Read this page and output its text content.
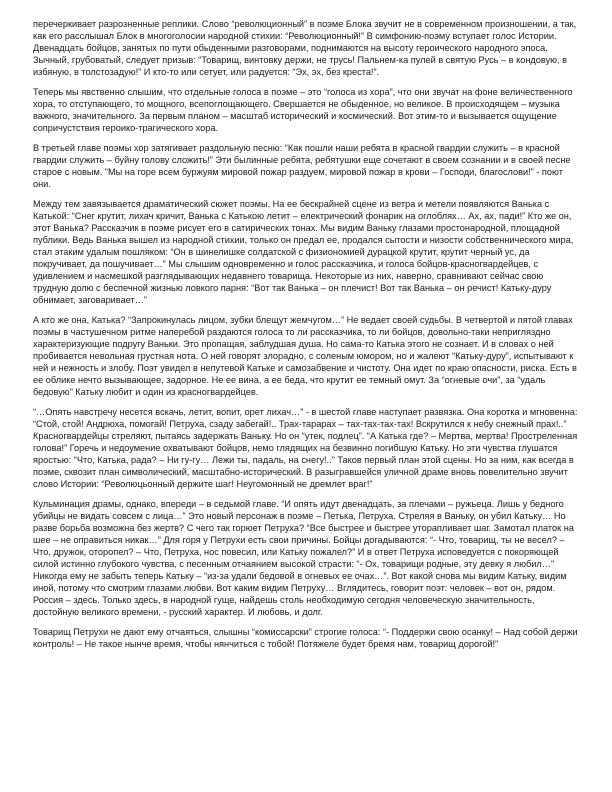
перечеркивает разрозненные реплики. Слово “революционный” в поэме Блока звучит не в современном произношении, а так, как его расслышал Блок в многоголосии народной стихии: “Революционный!” В симфонию-поэму вступает голос Истории. Двенадцать бойцов, занятых по пути обыденными разговорами, поднимаются на высоту героического народного эпоса. Зычный, грубоватый, следует призыв: “Товарищ, винтовку держи, не трусь! Пальнем-ка пулей в святую Русь – в кондовую, в избяную, в толстозадую!” И кто-то или сетует, или радуется: “Эх, эх, без креста!”.

Теперь мы явственно слышим, что отдельные голоса в поэме – это “голоса из хора”, что они звучат на фоне величественного хора, то отступающего, то мощного, всепоглощающего. Свершается не обыденное, но великое. В происходящем – музыка важного, значительного. За первым планом – масштаб исторический и космический. Вот этим-то и вызывается ощущение сопричустствия героико-трагического хора.

В третьей главе поэмы хор затягивает раздольную песню: “Как пошли наши ребята в красной гвардии служить – в красной гвардии служить – буйну голову сложить!” Эти былинные ребята, ребятушки еще сочетают в своем сознании и в своей песне старое с новым. “Мы на горе всем буржуям мировой пожар раздуем, мировой пожар в крови – Господи, благослови!” - поют они.

Между тем завязывается драматический сюжет поэмы. На ее бескрайней сцене из ветра и метели появляются Ванька с Катькой: “Снег крутит, лихач кричит, Ванька с Катькою летит – електрический фонарик на оглоблях… Ах, ах, пади!” Кто же он, этот Ванька? Рассказчик в поэме рисует его в сатирических тонах. Мы видим Ваньку глазами простонародной, площадной публики. Ведь Ванька вышел из народной стихии, только он предал ее, продался сытости и низости собственнического мира, стал этаким удалым пошляком: “Он в шинелишке солдатской с физиономией дурацкой крутит, крутит черный ус, да покручивает, да пошучивает…” Мы слышим одновременно и голос рассказчика, и голоса бойцов-красногвардейцев, с удивлением и насмешкой разглядывающих недавнего товарища. Некоторые из них, наверно, сравнивают сейчас свою трудную долю с беспечной жизнью ловкого парня: “Вот так Ванька – он плечист! Вот так Ванька – он речист! Катьку-дуру обнимает, заговаривает…”

А кто же она, Катька? “Запрокинулась лицом, зубки блещут жемчугом…” Не ведает своей судьбы. В четвертой и пятой главах поэмы в частушечном ритме наперебой раздаются голоса то ли рассказчика, то ли бойцов, довольно-таки непригляздно характеризующие подругу Ваньки. Это пропащая, заблудшая душа. Но сама-то Катька этого не сознает. И в словах о ней пробивается невольная грустная нота. О ней говорят злорадно, с соленым юмором, но и жалеют “Катьку-дуру”, испытывают к ней и нежность и злобу. Поэт увидел в непутевой Катьке и самозабвение и чистоту. Она идет по краю опасности, риска. Есть в ее облике нечто вызывающее, задорное. Не ее вина, а ее беда, что крутит ее темный омут. За “огневые очи”, за “удаль бедовую” Катьку любит и один из красногвардейцев.

“…Опять навстречу несется вскачь, летит, вопит, орет лихач…” - в шестой главе наступает развязка. Она коротка и мгновенна: “Стой, стой! Андрюха, помогай! Петруха, сзаду забегай!.. Трах-тарарах – тах-тах-тах-тах! Вскрутился к небу снежный прах!..” Красногвардейцы стреляют, пытаясь задержать Ваньку. Но он “утек, подлец”. “А Катька где? – Мертва, мертва! Простреленная голова!” Горечь и недоумение охватывают бойцов, немо глядящих на безвинно погибшую Катьку. Но эти чувства глушатся яростью: “Что, Катька, рада? – Ни гу-гу… Лежи ты, падаль, на снегу!..” Таков первый план этой сцены. Но за ним, как всегда в поэме, сквозит план символический, масштабно-исторический. В разыгравшейся уличной драме вновь повелительно звучит слово Истории: “Революцьонный держите шаг! Неугомонный не дремлет враг!”

Кульминация драмы, однако, впереди – в седьмой главе. “И опять идут двенадцать, за плечами – ружьеца. Лишь у бедного убийцы не видать совсем с лица…” Это новый персонаж в поэме – Петька, Петруха. Стреляя в Ваньку, он убил Катьку… Но разве борьба возможна без жертв? С чего так горюет Петруха? “Все быстрее и быстрее уторапливает шаг. Замотал платок на шее – не оправиться никак…” Для горя у Петрухи есть свои причины. Бойцы догадываются: “- Что, товарищ, ты не весел? – Что, дружок, оторопел? – Что, Петруха, нос повесил, или Катьку пожалел?” И в ответ Петруха исповедуется с покоряющей силой истинно глубокого чувства, с песенным отчаянием высокой страсти: “- Ох, товарищи родные, эту девку я любил…” Никогда ему не забыть теперь Катьку – “из-за удали бедовой в огневых ее очах…”. Вот какой снова мы видим Катьку, видим иной, потому что смотрим глазами любви. Вот каким видим Петруху… Вглядитесь, говорит поэт: человек – вот он, рядом. Россия – здесь. Только здесь, в народной гуще, найдешь столь необходимую сегодня человеческую значительность, достойную великого времени, - русский характер. И любовь, и долг.

Товарищ Петрухи не дают ему отчаяться, слышны “комиссарски” строгие голоса: “- Поддержи свою осанку! – Над собой держи контроль! – Не такое нынче время, чтобы нянчиться с тобой! Потяжеле будет бремя нам, товарищ дорогой!”
